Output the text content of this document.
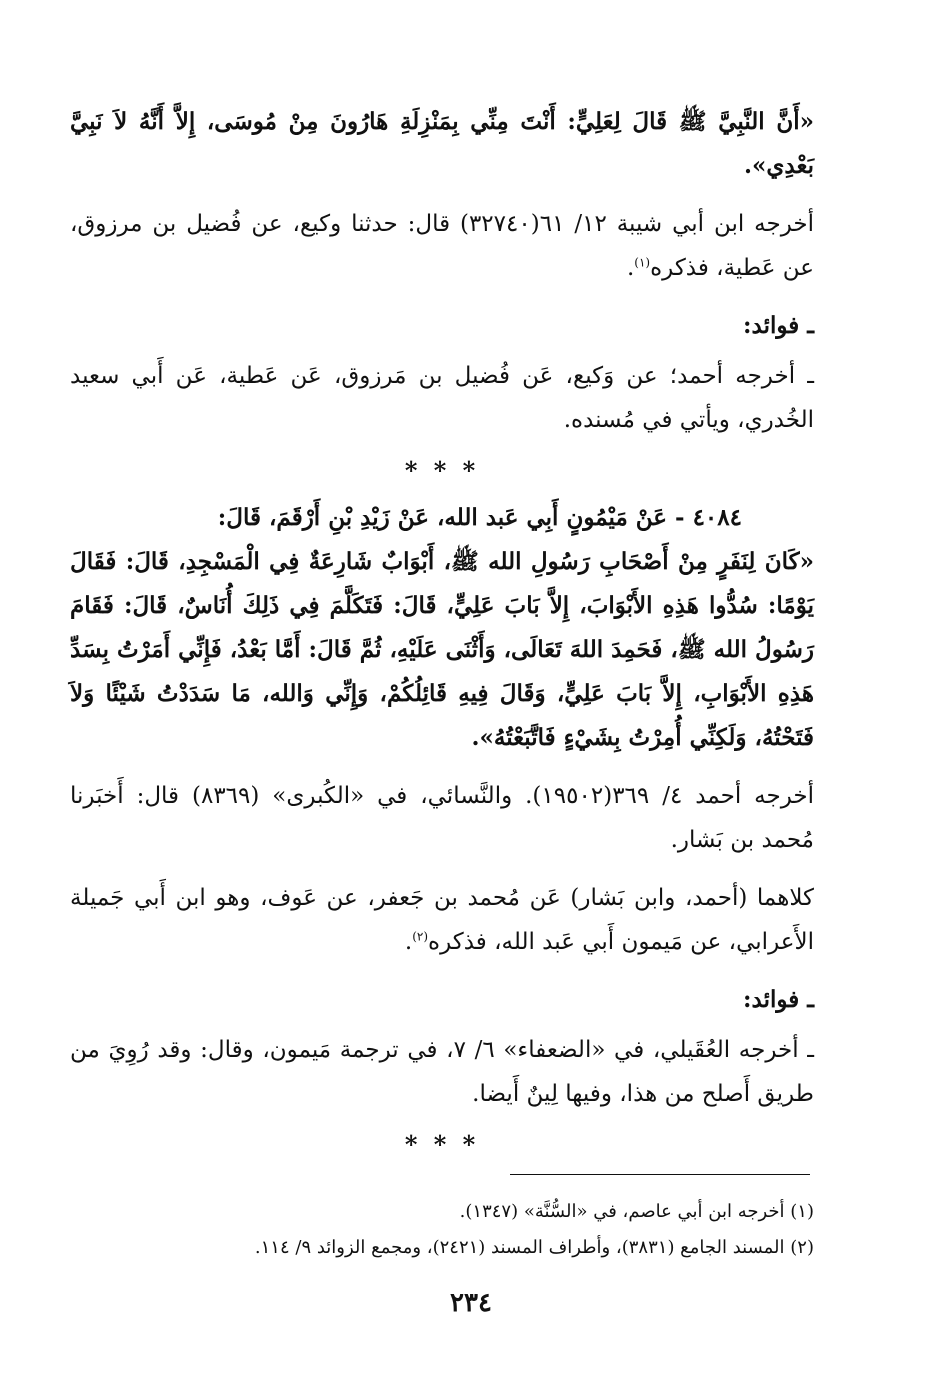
«أَنَّ النَّبِيَّ ﷺ قَالَ لِعَلِيٍّ: أَنْتَ مِنِّي بِمَنْزِلَةِ هَارُونَ مِنْ مُوسَى، إِلاَّ أَنَّهُ لاَ نَبِيَّ بَعْدِي».

أخرجه ابن أبي شيبة ١٢/ ٦١(٣٢٧٤٠) قال: حدثنا وكيع، عن فُضيل بن مرزوق، عن عَطية، فذكره$^{(١)}$.

ـ فوائد:

ـ أخرجه أحمد؛ عن وَكيع، عَن فُضيل بن مَرزوق، عَن عَطية، عَن أَبي سعيد الخُدري، ويأتي في مُسنده.

* * *

٤٠٨٤ - عَنْ مَيْمُونٍ أَبِي عَبد الله، عَنْ زَيْدِ بْنِ أَرْقَمَ، قَالَ:

«كَانَ لِنَفَرٍ مِنْ أَصْحَابِ رَسُولِ الله ﷺ، أَبْوَابٌ شَارِعَةٌ فِي الْمَسْجِدِ، قَالَ: فَقَالَ يَوْمًا: سُدُّوا هَذِهِ الأَبْوَابَ، إِلاَّ بَابَ عَلِيٍّ، قَالَ: فَتَكَلَّمَ فِي ذَلِكَ أُنَاسٌ، قَالَ: فَقَامَ رَسُولُ الله ﷺ، فَحَمِدَ اللهَ تَعَالَى، وَأَثْنَى عَلَيْهِ، ثُمَّ قَالَ: أَمَّا بَعْدُ، فَإِنِّي أَمَرْتُ بِسَدِّ هَذِهِ الأَبْوَابِ، إِلاَّ بَابَ عَلِيٍّ، وَقَالَ فِيهِ قَائِلُكُمْ، وَإِنِّي وَالله، مَا سَدَدْتُ شَيْئًا وَلاَ فَتَحْتُهُ، وَلَكِنِّي أُمِرْتُ بِشَيْءٍ فَاتَّبَعْتُهُ».

أخرجه أحمد ٤/ ٣٦٩(١٩٥٠٢). والنَّسائي، في «الكُبرى» (٨٣٦٩) قال: أَخبَرنا مُحمد بن بَشار.

كلاهما (أحمد، وابن بَشار) عَن مُحمد بن جَعفر، عن عَوف، وهو ابن أَبي جَميلة الأَعرابي، عن مَيمون أَبي عَبد الله، فذكره$^{(٢)}$.

ـ فوائد:

ـ أخرجه العُقَيلي، في «الضعفاء» ٦/ ٧، في ترجمة مَيمون، وقال: وقد رُوِيَ من طريق أَصلح من هذا، وفيها لِينٌ أَيضا.

* * *

(١) أخرجه ابن أبي عاصم، في «السُّنَّة» (١٣٤٧).

(٢) المسند الجامع (٣٨٣١)، وأطراف المسند (٢٤٢١)، ومجمع الزوائد ٩/ ١١٤.

٢٣٤
